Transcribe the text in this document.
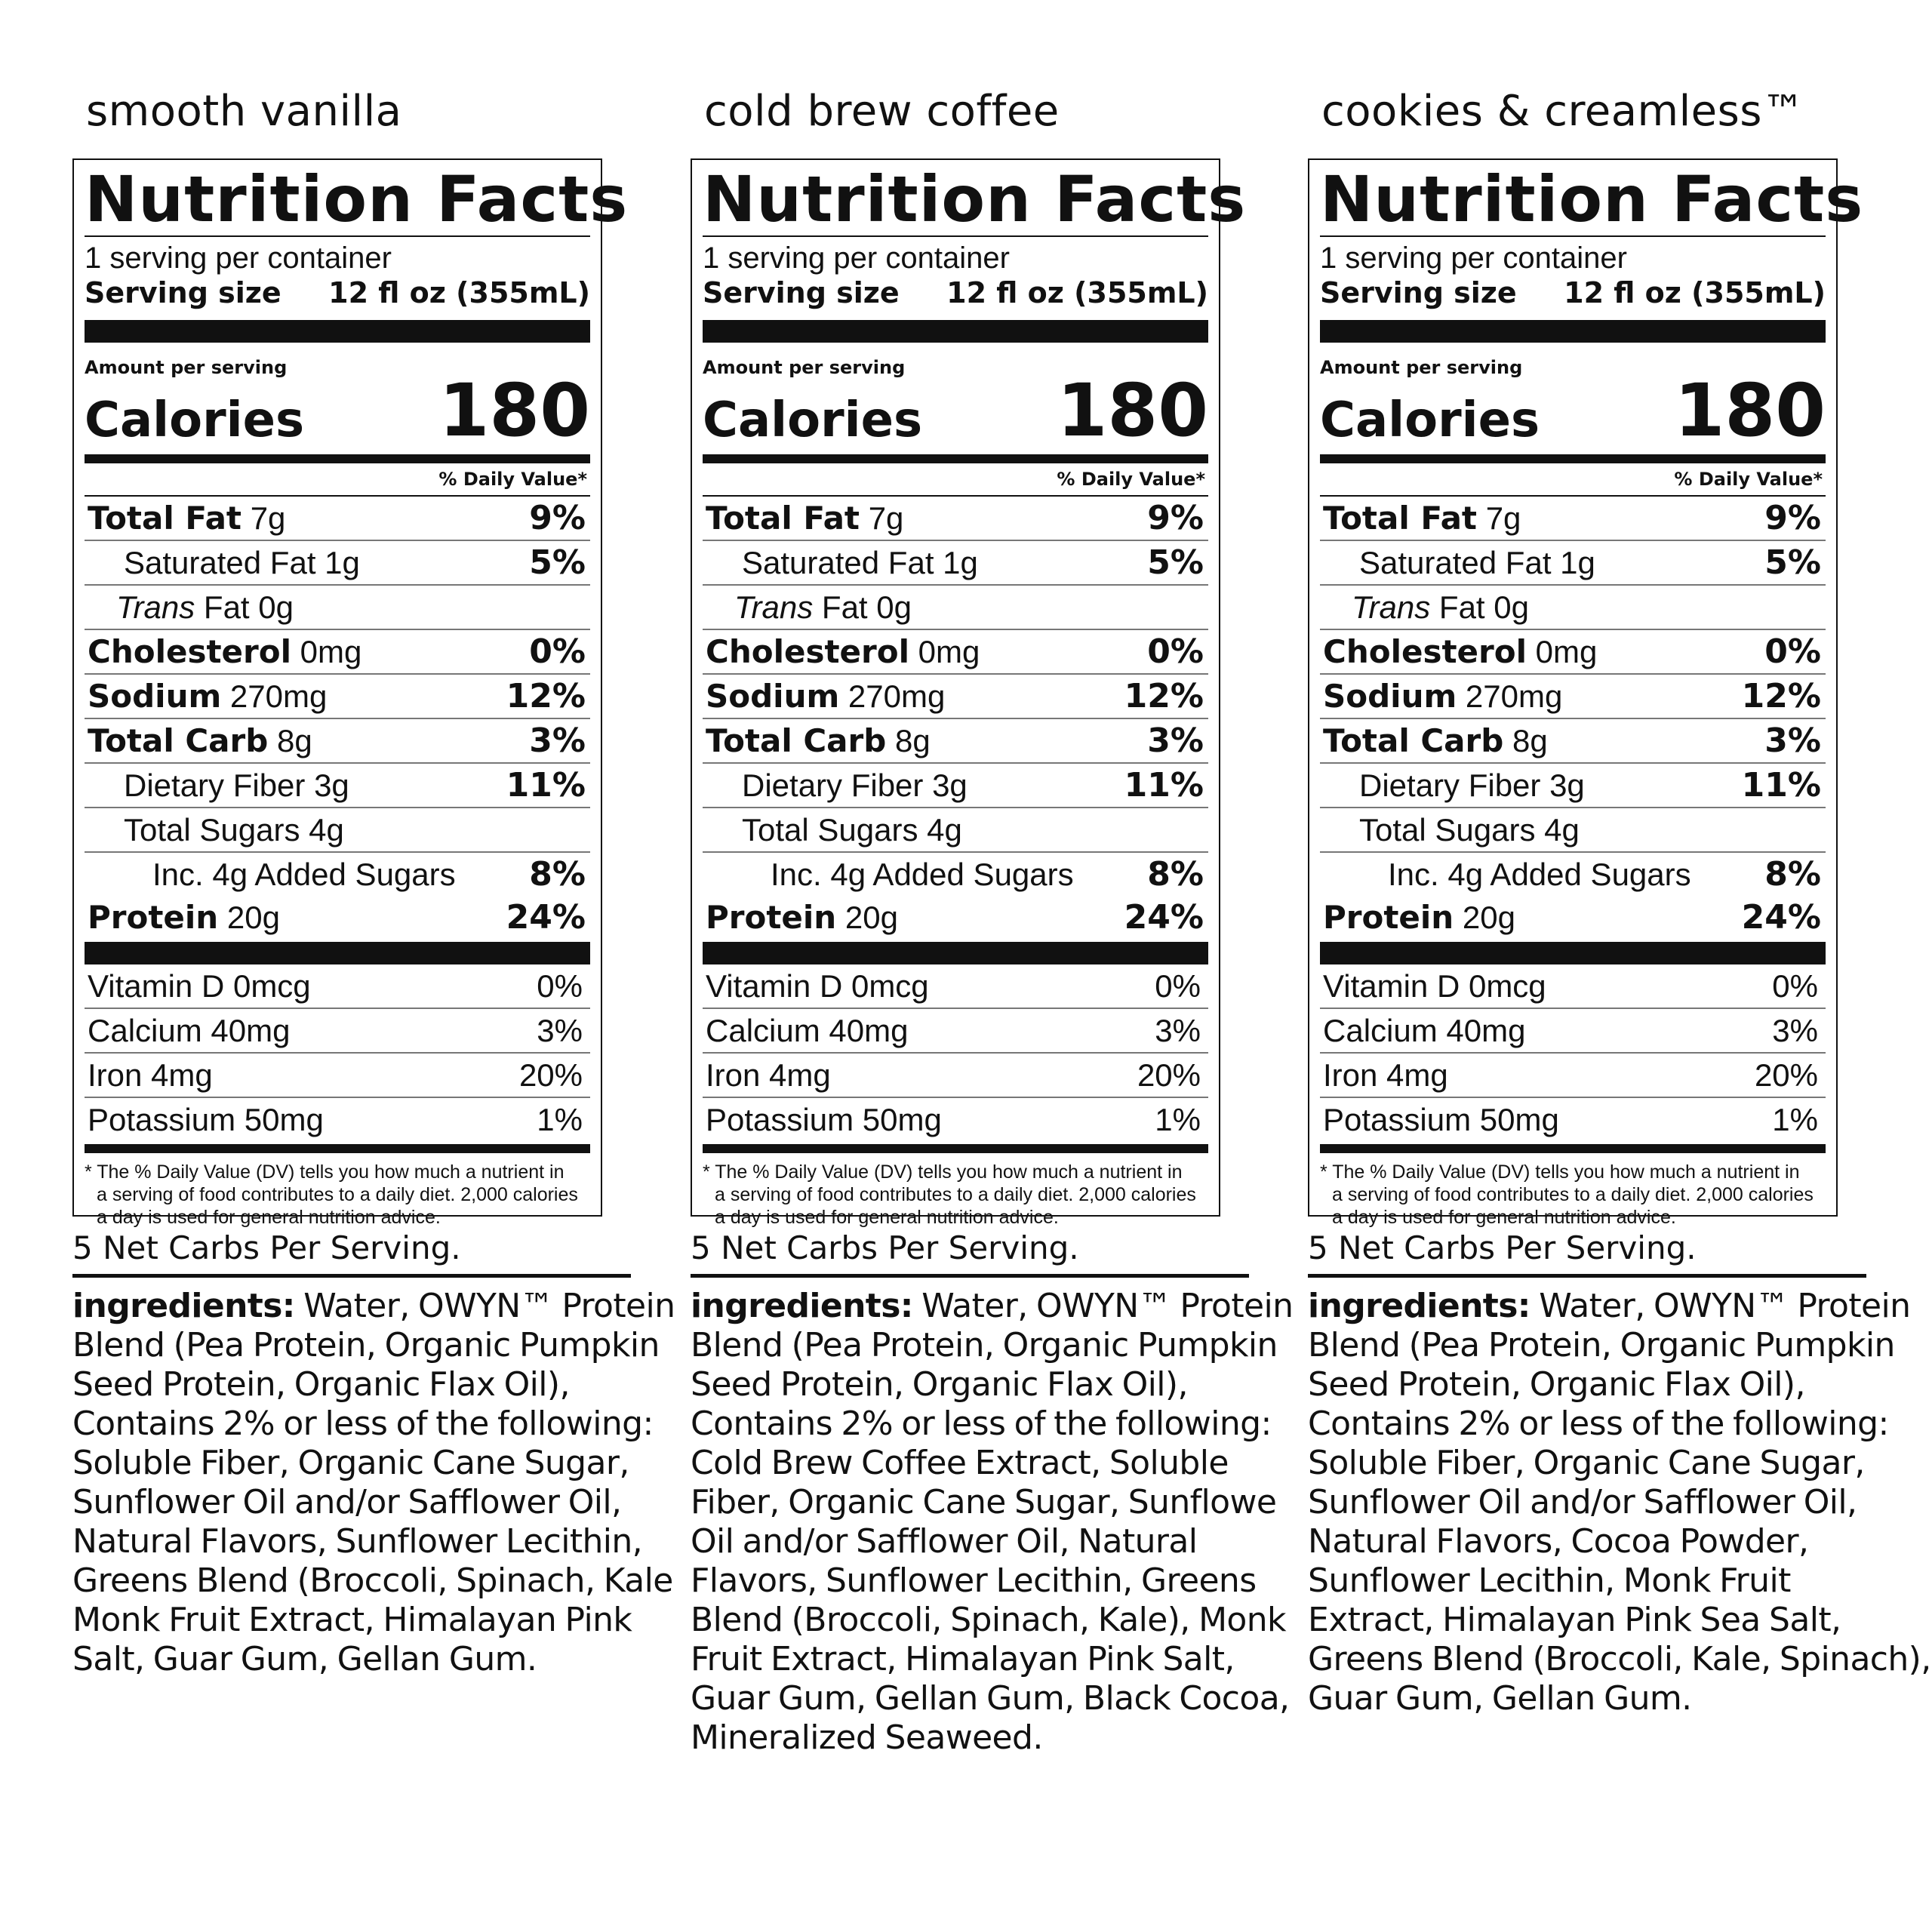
smooth vanilla
Nutrition Facts
1 serving per container
Serving size 12 fl oz (355mL)
Amount per serving
Calories 180
% Daily Value*
Total Fat 7g	9%
Saturated Fat 1g	5%
Trans Fat 0g
Cholesterol 0mg	0%
Sodium 270mg	12%
Total Carb 8g	3%
Dietary Fiber 3g	11%
Total Sugars 4g
Inc. 4g Added Sugars 8%
Protein 20g	24%
Vitamin D 0mcg	0%
Calcium 40mg	3%
Iron 4mg	20%
Potassium 50mg	1%
* The % Daily Value (DV) tells you how much a nutrient in
a serving of food contributes to a daily diet. 2,000 calories
a day is used for general nutrition advice.
5 Net Carbs Per Serving.
ingredients: Water, OWYN™ Protein
Blend (Pea Protein, Organic Pumpkin
Seed Protein, Organic Flax Oil),
Contains 2% or less of the following:
Soluble Fiber, Organic Cane Sugar,
Sunflower Oil and/or Safflower Oil,
Natural Flavors, Sunflower Lecithin,
Greens Blend (Broccoli, Spinach, Kale
Monk Fruit Extract, Himalayan Pink
Salt, Guar Gum, Gellan Gum.
cold brew coffee
Nutrition Facts
1 serving per container
Serving size 12 fl oz (355mL)
Amount per serving
Calories 180
% Daily Value*
Total Fat 7g	9%
Saturated Fat 1g	5%
Trans Fat 0g
Cholesterol 0mg	0%
Sodium 270mg	12%
Total Carb 8g	3%
Dietary Fiber 3g	11%
Total Sugars 4g
Inc. 4g Added Sugars 8%
Protein 20g	24%
Vitamin D 0mcg	0%
Calcium 40mg	3%
Iron 4mg	20%
Potassium 50mg	1%
* The % Daily Value (DV) tells you how much a nutrient in
a serving of food contributes to a daily diet. 2,000 calories
a day is used for general nutrition advice.
5 Net Carbs Per Serving.
ingredients: Water, OWYN™ Protein
Blend (Pea Protein, Organic Pumpkin
Seed Protein, Organic Flax Oil),
Contains 2% or less of the following:
Cold Brew Coffee Extract, Soluble
Fiber, Organic Cane Sugar, Sunflowe
Oil and/or Safflower Oil, Natural
Flavors, Sunflower Lecithin, Greens
Blend (Broccoli, Spinach, Kale), Monk
Fruit Extract, Himalayan Pink Salt,
Guar Gum, Gellan Gum, Black Cocoa,
Mineralized Seaweed.
cookies & creamless™
Nutrition Facts
1 serving per container
Serving size 12 fl oz (355mL)
Amount per serving
Calories 180
% Daily Value*
Total Fat 7g	9%
Saturated Fat 1g	5%
Trans Fat 0g
Cholesterol 0mg	0%
Sodium 270mg	12%
Total Carb 8g	3%
Dietary Fiber 3g	11%
Total Sugars 4g
Inc. 4g Added Sugars 8%
Protein 20g	24%
Vitamin D 0mcg	0%
Calcium 40mg	3%
Iron 4mg	20%
Potassium 50mg	1%
* The % Daily Value (DV) tells you how much a nutrient in
a serving of food contributes to a daily diet. 2,000 calories
a day is used for general nutrition advice.
5 Net Carbs Per Serving.
ingredients: Water, OWYN™ Protein
Blend (Pea Protein, Organic Pumpkin
Seed Protein, Organic Flax Oil),
Contains 2% or less of the following:
Soluble Fiber, Organic Cane Sugar,
Sunflower Oil and/or Safflower Oil,
Natural Flavors, Cocoa Powder,
Sunflower Lecithin, Monk Fruit
Extract, Himalayan Pink Sea Salt,
Greens Blend (Broccoli, Kale, Spinach),
Guar Gum, Gellan Gum.
